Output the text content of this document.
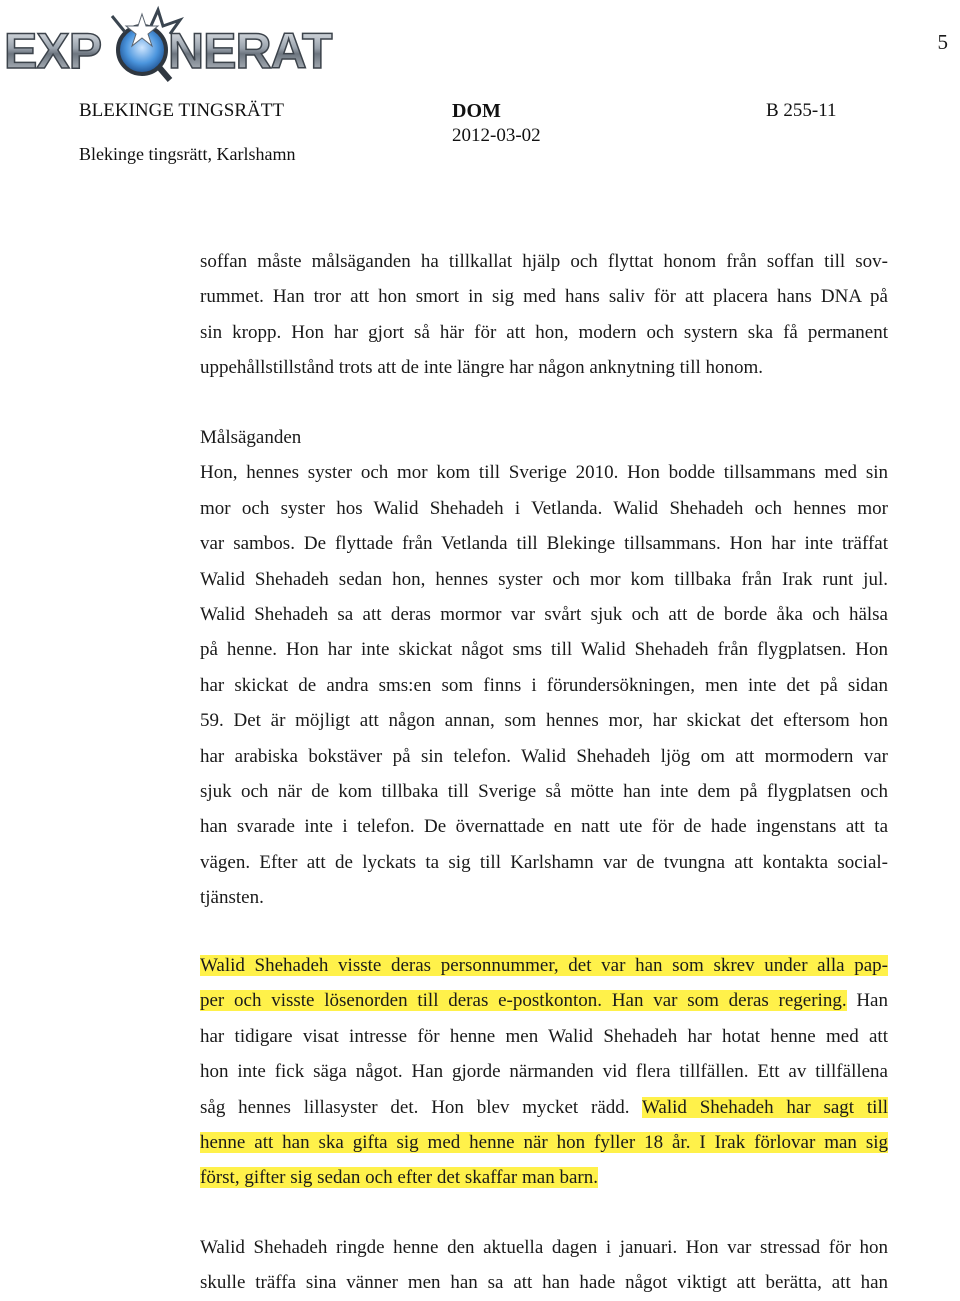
EXP NERAT	5
BLEKINGE TINGSRÄTT
Blekinge tingsrätt, Karlshamn
DOM
2012-03-02
B 255-11
soffan måste målsäganden ha tillkallat hjälp och flyttat honom från soffan till sov-
rummet. Han tror att hon smort in sig med hans saliv för att placera hans DNA på
sin kropp. Hon har gjort så här för att hon, modern och systern ska få permanent
uppehållstillstånd trots att de inte längre har någon anknytning till honom.
Målsäganden
Hon, hennes syster och mor kom till Sverige 2010. Hon bodde tillsammans med sin
mor och syster hos Walid Shehadeh i Vetlanda. Walid Shehadeh och hennes mor
var sambos. De flyttade från Vetlanda till Blekinge tillsammans. Hon har inte träffat
Walid Shehadeh sedan hon, hennes syster och mor kom tillbaka från Irak runt jul.
Walid Shehadeh sa att deras mormor var svårt sjuk och att de borde åka och hälsa
på henne. Hon har inte skickat något sms till Walid Shehadeh från flygplatsen. Hon
har skickat de andra sms:en som finns i förundersökningen, men inte det på sidan
59. Det är möjligt att någon annan, som hennes mor, har skickat det eftersom hon
har arabiska bokstäver på sin telefon. Walid Shehadeh ljög om att mormodern var
sjuk och när de kom tillbaka till Sverige så mötte han inte dem på flygplatsen och
han svarade inte i telefon. De övernattade en natt ute för de hade ingenstans att ta
vägen. Efter att de lyckats ta sig till Karlshamn var de tvungna att kontakta social-
tjänsten.
Walid Shehadeh visste deras personnummer, det var han som skrev under alla pap-
per och visste lösenorden till deras e-postkonton. Han var som deras regering. Han
har tidigare visat intresse för henne men Walid Shehadeh har hotat henne med att
hon inte fick säga något. Han gjorde närmanden vid flera tillfällen. Ett av tillfällena
såg hennes lillasyster det. Hon blev mycket rädd. Walid Shehadeh har sagt till
henne att han ska gifta sig med henne när hon fyller 18 år. I Irak förlovar man sig
först, gifter sig sedan och efter det skaffar man barn.
Walid Shehadeh ringde henne den aktuella dagen i januari. Hon var stressad för hon
skulle träffa sina vänner men han sa att han hade något viktigt att berätta, att han
